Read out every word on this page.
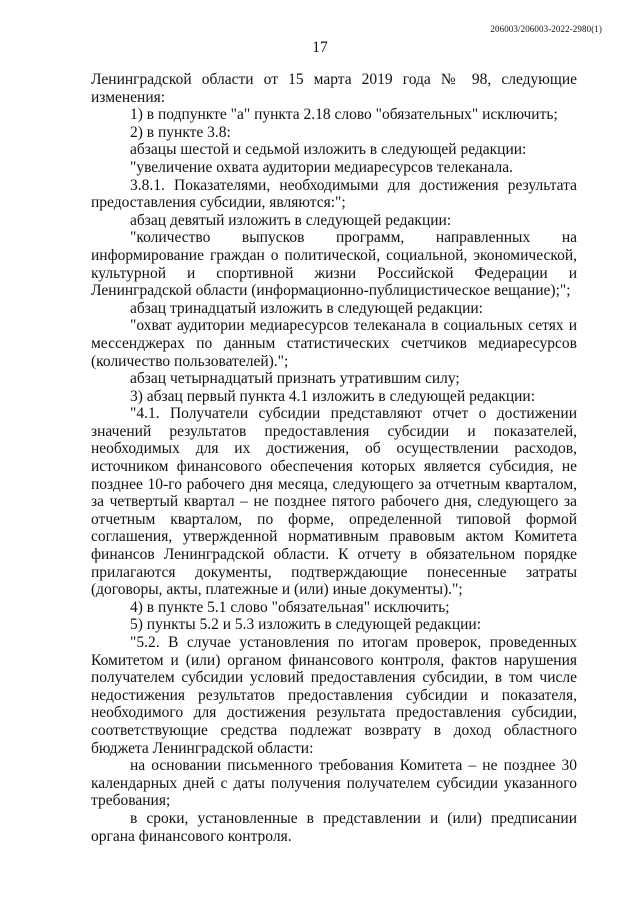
206003/206003-2022-2980(1)
17

Ленинградской области от 15 марта 2019 года № 98, следующие изменения:

1) в подпункте "а" пункта 2.18 слово "обязательных" исключить;

2) в пункте 3.8:

абзацы шестой и седьмой изложить в следующей редакции:

"увеличение охвата аудитории медиаресурсов телеканала.

3.8.1. Показателями, необходимыми для достижения результата предоставления субсидии, являются:";

абзац девятый изложить в следующей редакции:

"количество выпусков программ, направленных на информирование граждан о политической, социальной, экономической, культурной и спортивной жизни Российской Федерации и Ленинградской области (информационно-публицистическое вещание);";

абзац тринадцатый изложить в следующей редакции:

"охват аудитории медиаресурсов телеканала в социальных сетях и мессенджерах по данным статистических счетчиков медиаресурсов (количество пользователей).";

абзац четырнадцатый признать утратившим силу;

3) абзац первый пункта 4.1 изложить в следующей редакции:

"4.1. Получатели субсидии представляют отчет о достижении значений результатов предоставления субсидии и показателей, необходимых для их достижения, об осуществлении расходов, источником финансового обеспечения которых является субсидия, не позднее 10-го рабочего дня месяца, следующего за отчетным кварталом, за четвертый квартал – не позднее пятого рабочего дня, следующего за отчетным кварталом, по форме, определенной типовой формой соглашения, утвержденной нормативным правовым актом Комитета финансов Ленинградской области. К отчету в обязательном порядке прилагаются документы, подтверждающие понесенные затраты (договоры, акты, платежные и (или) иные документы).";

4) в пункте 5.1 слово "обязательная" исключить;

5) пункты 5.2 и 5.3 изложить в следующей редакции:

"5.2. В случае установления по итогам проверок, проведенных Комитетом и (или) органом финансового контроля, фактов нарушения получателем субсидии условий предоставления субсидии, в том числе недостижения результатов предоставления субсидии и показателя, необходимого для достижения результата предоставления субсидии, соответствующие средства подлежат возврату в доход областного бюджета Ленинградской области:

на основании письменного требования Комитета – не позднее 30 календарных дней с даты получения получателем субсидии указанного требования;

в сроки, установленные в представлении и (или) предписании органа финансового контроля.
